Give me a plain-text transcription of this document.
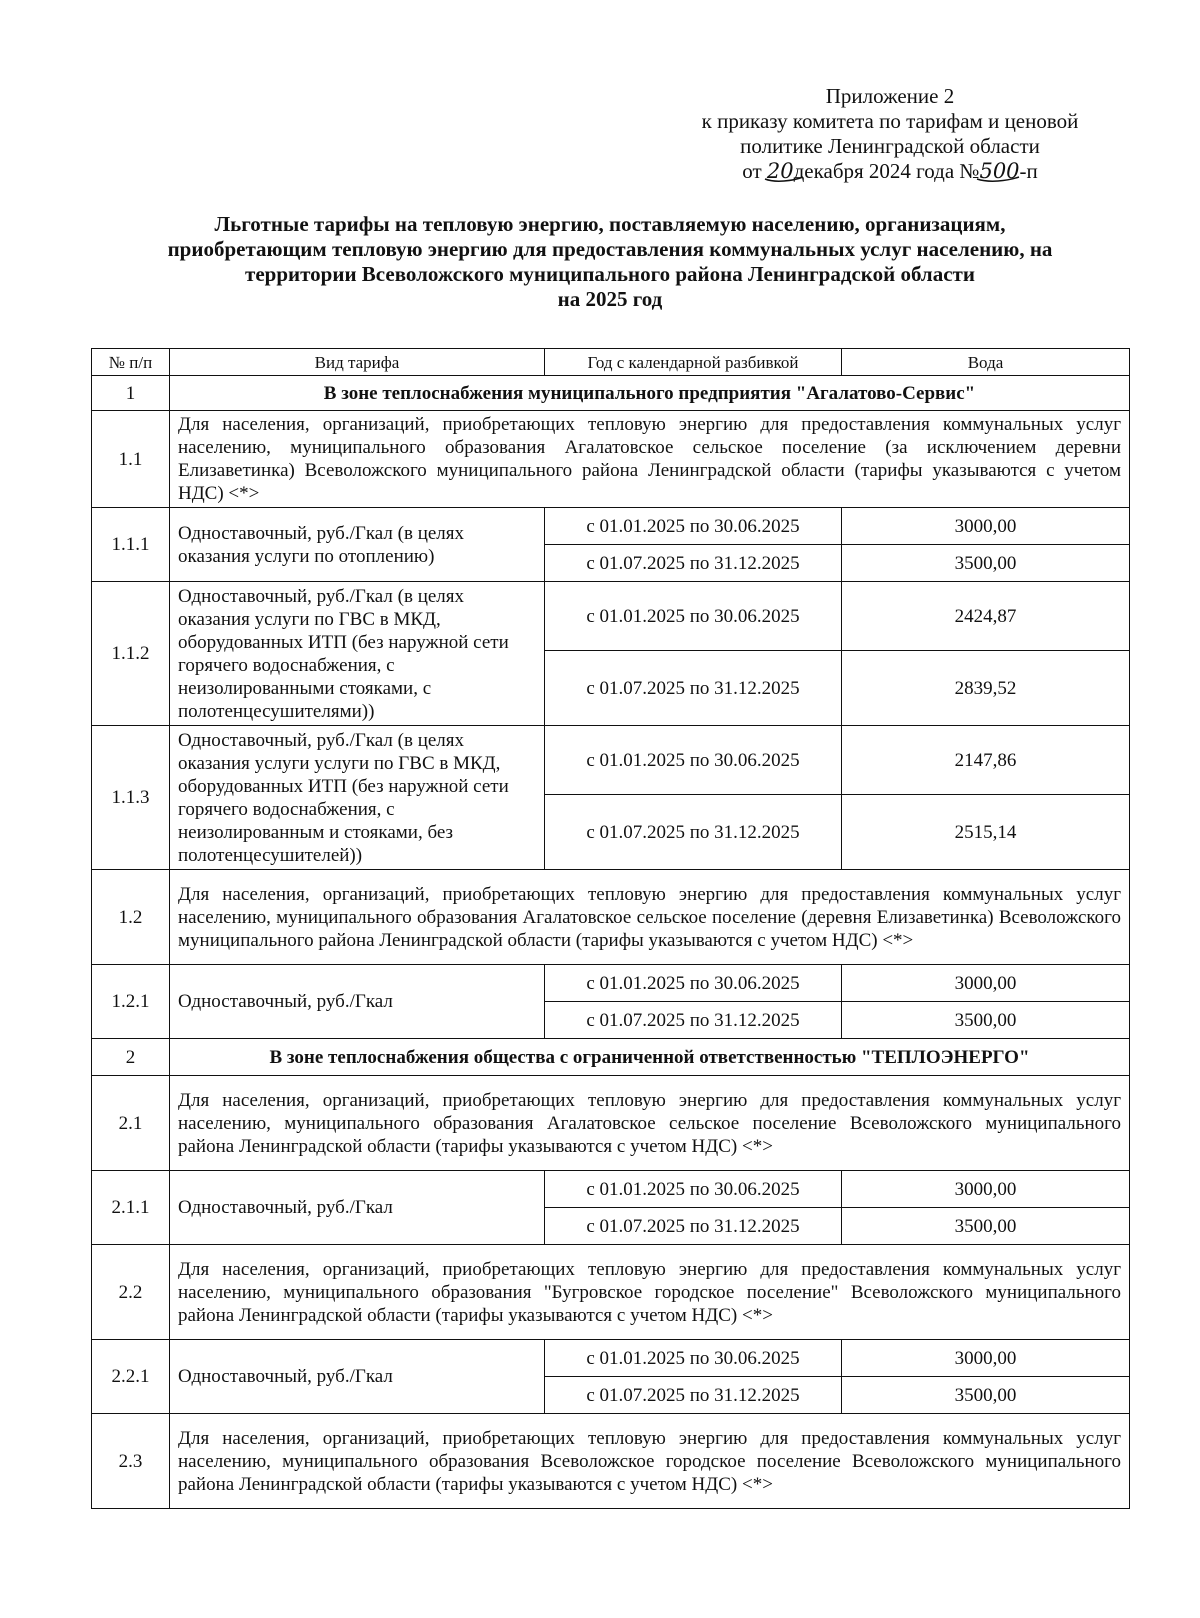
Приложение 2
к приказу комитета по тарифам и ценовой
политике Ленинградской области
от 20
декабря 2024 года №500
-п
Льготные тарифы на тепловую энергию, поставляемую населению, организациям,
приобретающим тепловую энергию для предоставления коммунальных услуг населению, на
территории Всеволожского муниципального района Ленинградской области
на 2025 год
№ п/п	Вид тарифа	Год с календарной разбивкой	Вода
1	В зоне теплоснабжения муниципального предприятия "Агалатово-Сервис"		
1.1	Для населения, организаций, приобретающих тепловую энергию для предоставления коммунальных услуг населению, муниципального образования Агалатовское сельское поселение (за исключением деревни Елизаветинка) Всеволожского муниципального района Ленинградской области (тарифы указываются с учетом НДС) <*>		
1.1.1	Одноставочный, руб./Гкал (в целях оказания услуги по отоплению)	с 01.01.2025 по 30.06.2025	3000,00
		с 01.07.2025 по 31.12.2025	3500,00
1.1.2	Одноставочный, руб./Гкал (в целях оказания услуги по ГВС в МКД, оборудованных ИТП (без наружной сети горячего водоснабжения, с неизолированными стояками, с полотенцесушителями))	с 01.01.2025 по 30.06.2025	2424,87
		с 01.07.2025 по 31.12.2025	2839,52
1.1.3	Одноставочный, руб./Гкал (в целях оказания услуги услуги по ГВС в МКД, оборудованных ИТП (без наружной сети горячего водоснабжения, с неизолированным и стояками, без полотенцесушителей))	с 01.01.2025 по 30.06.2025	2147,86
		с 01.07.2025 по 31.12.2025	2515,14
1.2	Для населения, организаций, приобретающих тепловую энергию для предоставления коммунальных услуг населению, муниципального образования Агалатовское сельское поселение (деревня Елизаветинка) Всеволожского муниципального района Ленинградской области (тарифы указываются с учетом НДС) <*>		
1.2.1	Одноставочный, руб./Гкал	с 01.01.2025 по 30.06.2025	3000,00
		с 01.07.2025 по 31.12.2025	3500,00
2	В зоне теплоснабжения общества с ограниченной ответственностью "ТЕПЛОЭНЕРГО"		
2.1	Для населения, организаций, приобретающих тепловую энергию для предоставления коммунальных услуг населению, муниципального образования Агалатовское сельское поселение Всеволожского муниципального района Ленинградской области (тарифы указываются с учетом НДС) <*>		
2.1.1	Одноставочный, руб./Гкал	с 01.01.2025 по 30.06.2025	3000,00
		с 01.07.2025 по 31.12.2025	3500,00
2.2	Для населения, организаций, приобретающих тепловую энергию для предоставления коммунальных услуг населению, муниципального образования "Бугровское городское поселение" Всеволожского муниципального района Ленинградской области (тарифы указываются с учетом НДС) <*>		
2.2.1	Одноставочный, руб./Гкал	с 01.01.2025 по 30.06.2025	3000,00
		с 01.07.2025 по 31.12.2025	3500,00
2.3	Для населения, организаций, приобретающих тепловую энергию для предоставления коммунальных услуг населению, муниципального образования Всеволожское городское поселение Всеволожского муниципального района Ленинградской области (тарифы указываются с учетом НДС) <*>		
